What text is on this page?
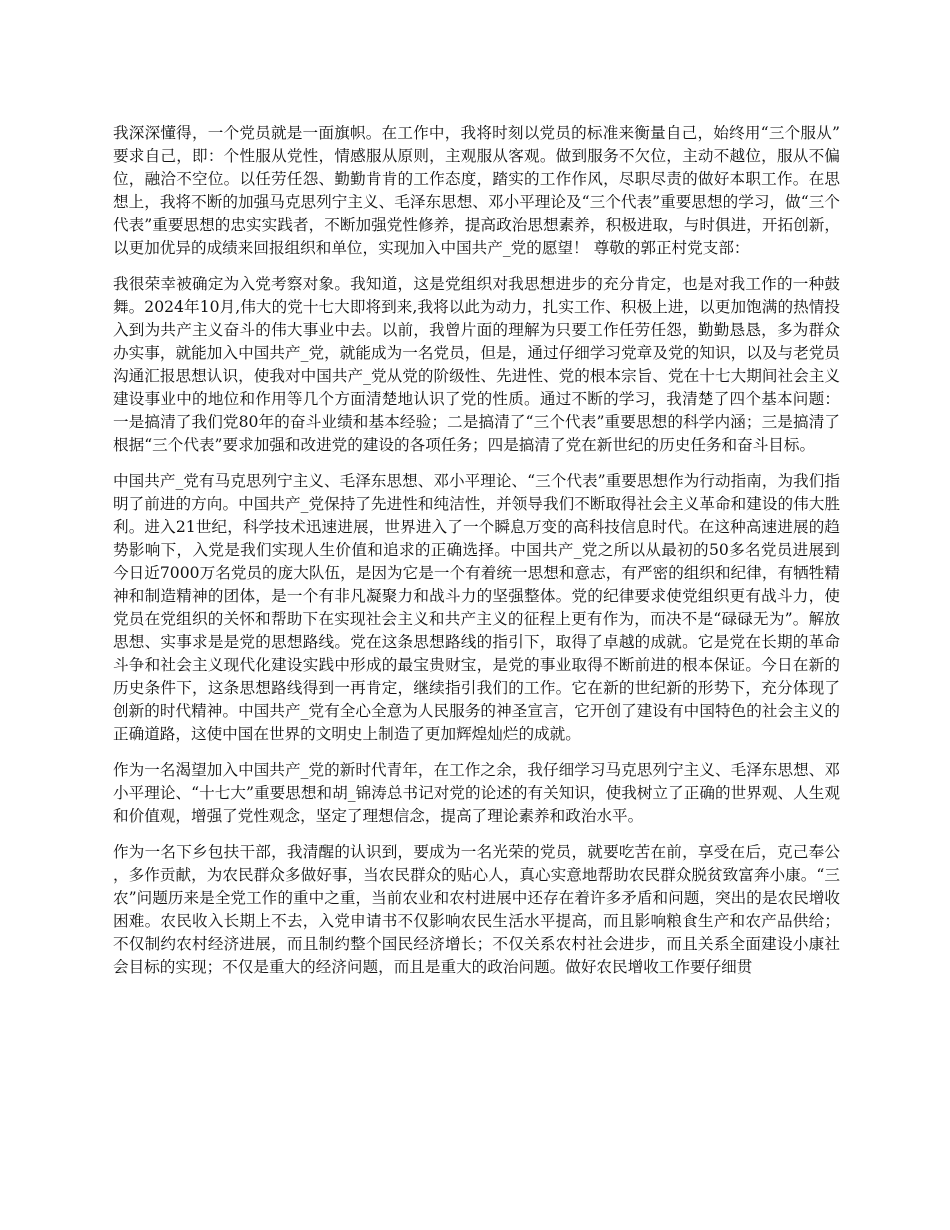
我深深懂得，一个党员就是一面旗帜。在工作中，我将时刻以党员的标准来衡量自己，始终用“三个服从”要求自己，即：个性服从党性，情感服从原则，主观服从客观。做到服务不欠位，主动不越位，服从不偏位，融洽不空位。以任劳任怨、勤勤肯肯的工作态度，踏实的工作作风，尽职尽责的做好本职工作。在思想上，我将不断的加强马克思列宁主义、毛泽东思想、邓小平理论及“三个代表”重要思想的学习，做“三个代表”重要思想的忠实实践者，不断加强党性修养，提高政治思想素养，积极进取，与时俱进，开拓创新，以更加优异的成绩来回报组织和单位，实现加入中国共产_党的愿望！ 尊敬的郭正村党支部：

我很荣幸被确定为入党考察对象。我知道，这是党组织对我思想进步的充分肯定，也是对我工作的一种鼓舞。2024年10月,伟大的党十七大即将到来,我将以此为动力，扎实工作、积极上进，以更加饱满的热情投入到为共产主义奋斗的伟大事业中去。以前，我曾片面的理解为只要工作任劳任怨，勤勤恳恳，多为群众办实事，就能加入中国共产_党，就能成为一名党员，但是，通过仔细学习党章及党的知识，以及与老党员沟通汇报思想认识，使我对中国共产_党从党的阶级性、先进性、党的根本宗旨、党在十七大期间社会主义建设事业中的地位和作用等几个方面清楚地认识了党的性质。通过不断的学习，我清楚了四个基本问题：一是搞清了我们党80年的奋斗业绩和基本经验；二是搞清了“三个代表”重要思想的科学内涵；三是搞清了根据“三个代表”要求加强和改进党的建设的各项任务；四是搞清了党在新世纪的历史任务和奋斗目标。

中国共产_党有马克思列宁主义、毛泽东思想、邓小平理论、“三个代表”重要思想作为行动指南，为我们指明了前进的方向。中国共产_党保持了先进性和纯洁性，并领导我们不断取得社会主义革命和建设的伟大胜利。进入21世纪，科学技术迅速进展，世界进入了一个瞬息万变的高科技信息时代。在这种高速进展的趋势影响下，入党是我们实现人生价值和追求的正确选择。中国共产_党之所以从最初的50多名党员进展到今日近7000万名党员的庞大队伍，是因为它是一个有着统一思想和意志，有严密的组织和纪律，有牺牲精神和制造精神的团体，是一个有非凡凝聚力和战斗力的坚强整体。党的纪律要求使党组织更有战斗力，使党员在党组织的关怀和帮助下在实现社会主义和共产主义的征程上更有作为，而决不是“碌碌无为”。解放思想、实事求是是党的思想路线。党在这条思想路线的指引下，取得了卓越的成就。它是党在长期的革命斗争和社会主义现代化建设实践中形成的最宝贵财宝，是党的事业取得不断前进的根本保证。今日在新的历史条件下，这条思想路线得到一再肯定，继续指引我们的工作。它在新的世纪新的形势下，充分体现了创新的时代精神。中国共产_党有全心全意为人民服务的神圣宣言，它开创了建设有中国特色的社会主义的正确道路，这使中国在世界的文明史上制造了更加辉煌灿烂的成就。

作为一名渴望加入中国共产_党的新时代青年，在工作之余，我仔细学习马克思列宁主义、毛泽东思想、邓小平理论、“十七大”重要思想和胡_锦涛总书记对党的论述的有关知识，使我树立了正确的世界观、人生观和价值观，增强了党性观念，坚定了理想信念，提高了理论素养和政治水平。

作为一名下乡包扶干部，我清醒的认识到，要成为一名光荣的党员，就要吃苦在前，享受在后，克己奉公，多作贡献，为农民群众多做好事，当农民群众的贴心人，真心实意地帮助农民群众脱贫致富奔小康。“三农”问题历来是全党工作的重中之重，当前农业和农村进展中还存在着许多矛盾和问题，突出的是农民增收困难。农民收入长期上不去，入党申请书不仅影响农民生活水平提高，而且影响粮食生产和农产品供给；不仅制约农村经济进展，而且制约整个国民经济增长；不仅关系农村社会进步，而且关系全面建设小康社会目标的实现；不仅是重大的经济问题，而且是重大的政治问题。做好农民增收工作要仔细贯
